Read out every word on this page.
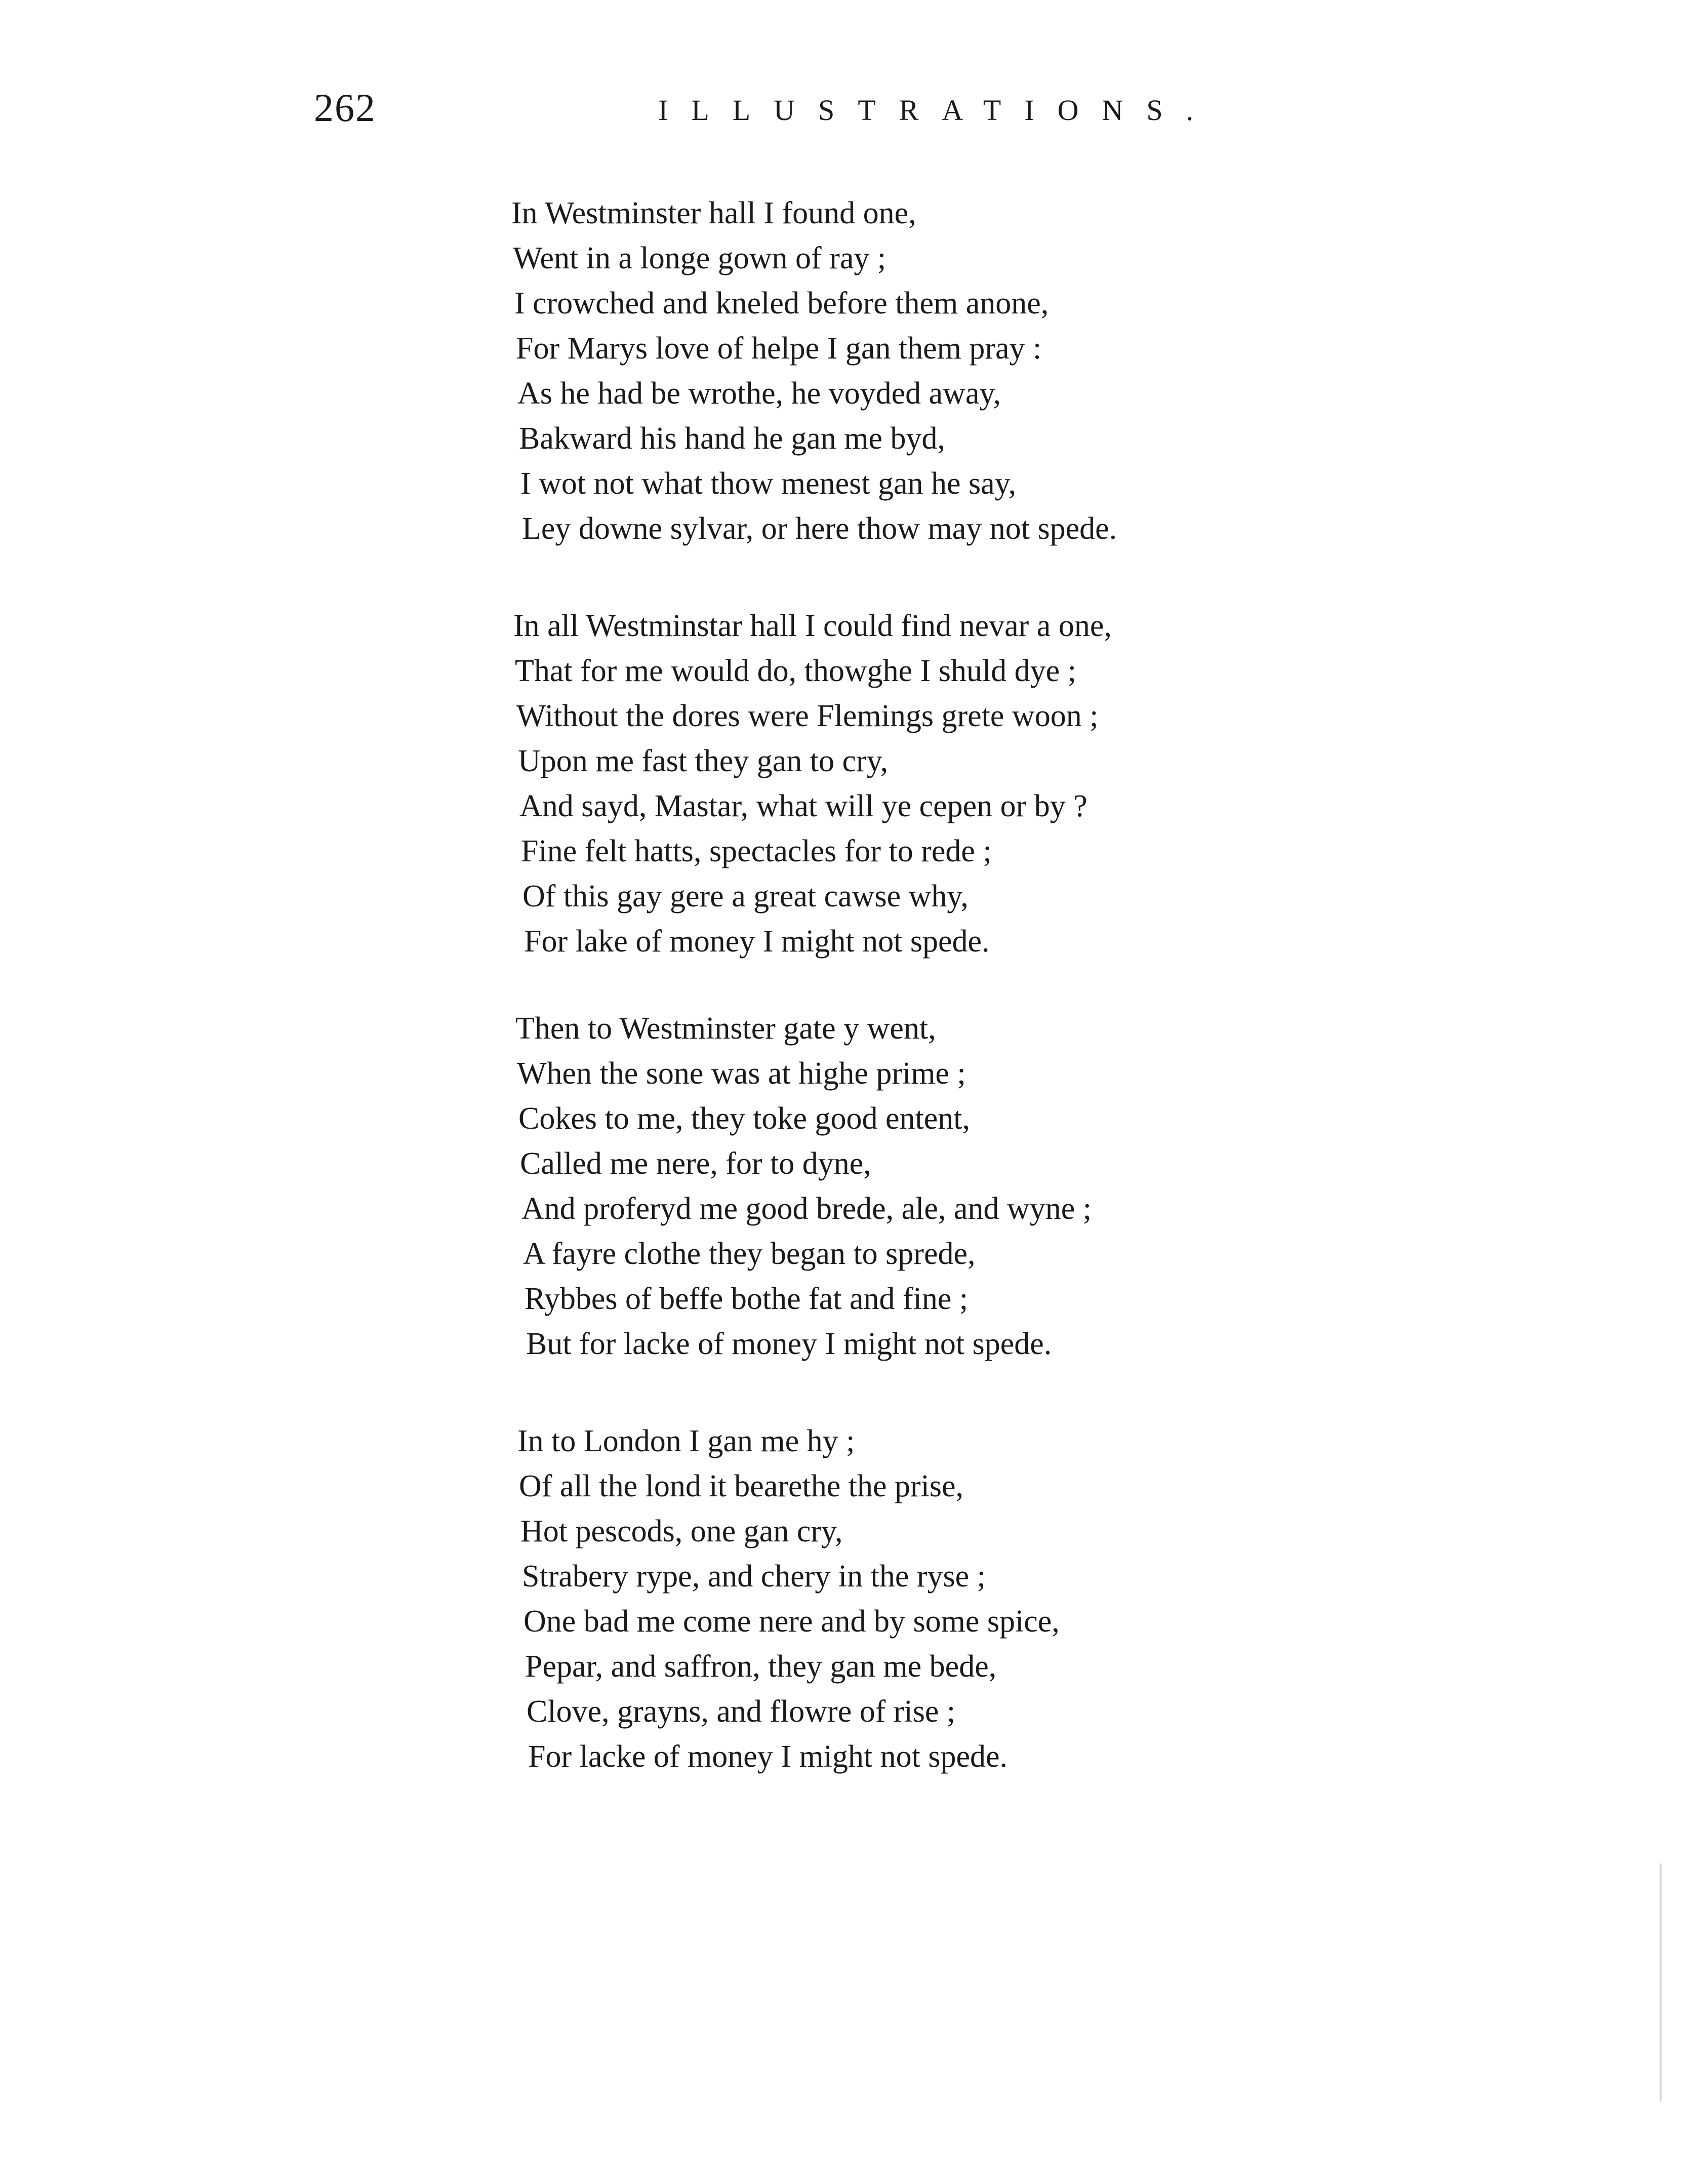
262	ILLUSTRATIONS.
In Westminster hall I found one,
Went in a longe gown of ray ;
I crowched and kneled before them anone,
For Marys love of helpe I gan them pray :
As he had be wrothe, he voyded away,
Bakward his hand he gan me byd,
I wot not what thow menest gan he say,
Ley downe sylvar, or here thow may not spede.
In all Westminstar hall I could find nevar a one,
That for me would do, thowghe I shuld dye ;
Without the dores were Flemings grete woon ;
Upon me fast they gan to cry,
And sayd, Mastar, what will ye cepen or by ?
Fine felt hatts, spectacles for to rede ;
Of this gay gere a great cawse why,
For lake of money I might not spede.
Then to Westminster gate y went,
When the sone was at highe prime ;
Cokes to me, they toke good entent,
Called me nere, for to dyne,
And proferyd me good brede, ale, and wyne ;
A fayre clothe they began to sprede,
Rybbes of beffe bothe fat and fine ;
But for lacke of money I might not spede.
In to London I gan me hy ;
Of all the lond it bearethe the prise,
Hot pescods, one gan cry,
Strabery rype, and chery in the ryse ;
One bad me come nere and by some spice,
Pepar, and saffron, they gan me bede,
Clove, grayns, and flowre of rise ;
For lacke of money I might not spede.
